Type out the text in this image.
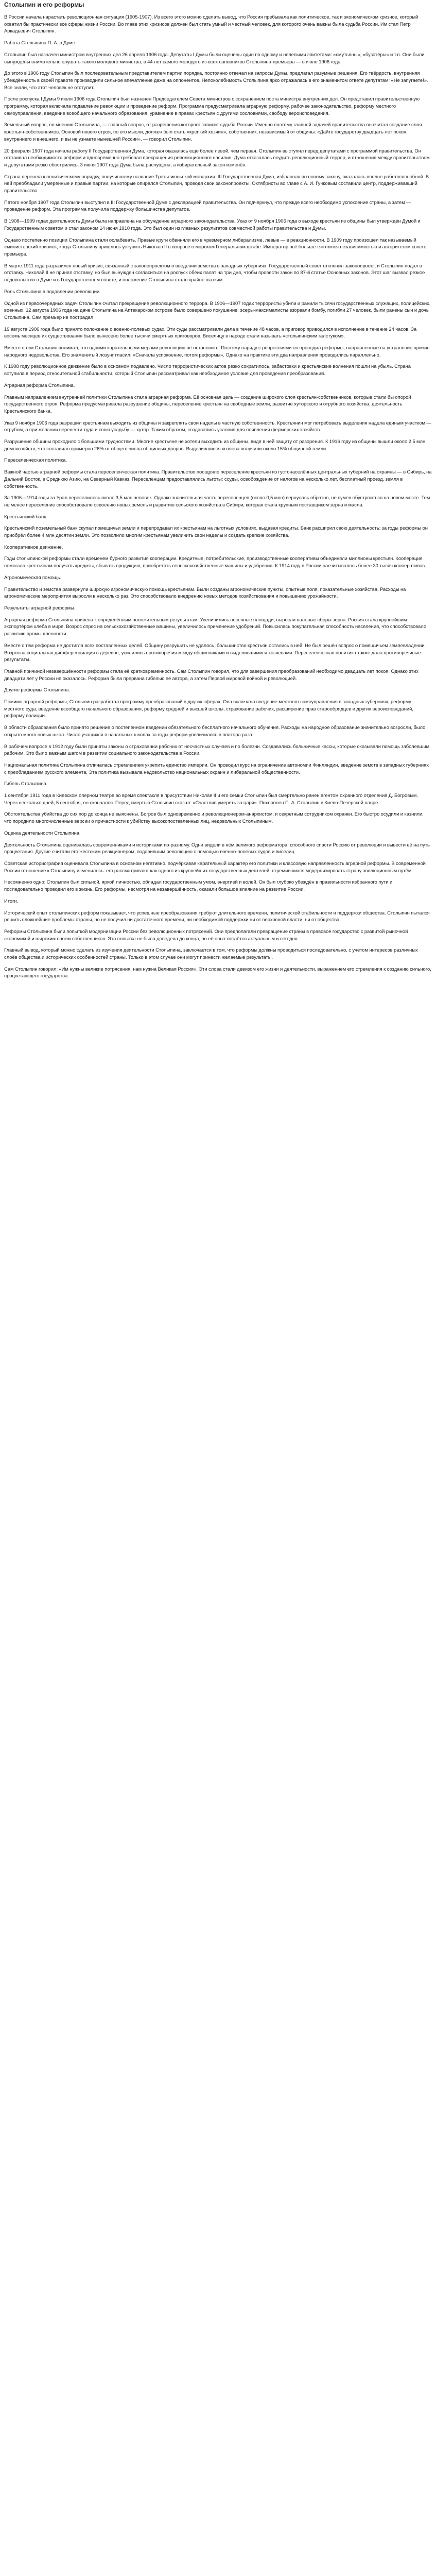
Столыпин и его реформы

В России начала нарастать революционная ситуация (1905-1907). Из всего этого можно сделать вывод, что Россия пребывала как политическое, так и экономическом кризисе, который охватил бы практически все сферы жизни России. Во главе этих кризисов должен был стать умный и честный человек, для которого очень важны была судьба России. Им стал Петр Аркадьевич Столыпин.

Работа Столыпина П. А. в Думе.

Столыпин был назначен министром внутренних дел 26 апреля 1906 года. Депутаты I Думы были оценены один по одному и нелепыми эпитетами: «смутьяны», «бузотёры» и т.п. Они были вынуждены внимательно слушать такого молодого министра, в 44 лет самого молодого из всех сановников Столыпина-премьера — в июле 1906 года.

До этого в 1906 году Столыпин был последовательным представителем партии порядка, постоянно отвечал на запросы Думы, предлагал разумные решения. Его твёрдость, внутренняя убеждённость в своей правоте производили сильное впечатление даже на оппонентов. Непоколебимость Столыпина ярко отражалась в его знаменитом ответе депутатам: «Не запугаете!». Все знали, что этот человек не отступит.

После роспуска I Думы 9 июля 1906 года Столыпин был назначен Председателем Совета министров с сохранением поста министра внутренних дел. Он представил правительственную программу, которая включала подавление революции и проведение реформ. Программа предусматривала аграрную реформу, рабочее законодательство, реформу местного самоуправления, введение всеобщего начального образования, уравнение в правах крестьян с другими сословиями, свободу вероисповедания.

Земельный вопрос, по мнению Столыпина, — главный вопрос, от разрешения которого зависит судьба России. Именно поэтому главной задачей правительства он считал создание слоя крестьян-собственников. Основой нового строя, по его мысли, должен был стать «крепкий хозяин», собственник, независимый от общины. «Дайте государству двадцать лет покоя, внутреннего и внешнего, и вы не узнаете нынешней России», — говорил Столыпин.

20 февраля 1907 года начала работу II Государственная Дума, которая оказалась ещё более левой, чем первая. Столыпин выступил перед депутатами с программой правительства. Он отстаивал необходимость реформ и одновременно требовал прекращения революционного насилия. Дума отказалась осудить революционный террор, и отношения между правительством и депутатами резко обострились. 3 июня 1907 года Дума была распущена, а избирательный закон изменён.

Страна перешла к политическому порядку, получившему название Третьеиюньской монархии. III Государственная Дума, избранная по новому закону, оказалась вполне работоспособной. В ней преобладали умеренные и правые партии, на которые опирался Столыпин, проводя свои законопроекты. Октябристы во главе с А. И. Гучковым составили центр, поддерживавший правительство.

Пятого ноября 1907 года Столыпин выступил в III Государственной Думе с декларацией правительства. Он подчеркнул, что прежде всего необходимо успокоение страны, а затем — проведение реформ. Эта программа получила поддержку большинства депутатов.

В 1908—1909 годах деятельность Думы была направлена на обсуждение аграрного законодательства. Указ от 9 ноября 1906 года о выходе крестьян из общины был утверждён Думой и Государственным советом и стал законом 14 июня 1910 года. Это был один из главных результатов совместной работы правительства и Думы.

Однако постепенно позиции Столыпина стали ослабевать. Правые круги обвиняли его в чрезмерном либерализме, левые — в реакционности. В 1909 году произошёл так называемый «министерский кризис», когда Столыпину пришлось уступить Николаю II в вопросе о морском Генеральном штабе. Император всё больше тяготился независимостью и авторитетом своего премьера.

В марте 1911 года разразился новый кризис, связанный с законопроектом о введении земства в западных губерниях. Государственный совет отклонил законопроект, и Столыпин подал в отставку. Николай II не принял отставку, но был вынужден согласиться на роспуск обеих палат на три дня, чтобы провести закон по 87-й статье Основных законов. Этот шаг вызвал резкое недовольство в Думе и в Государственном совете, и положение Столыпина стало крайне шатким.

Роль Столыпина в подавлении революции.

Одной из первоочередных задач Столыпин считал прекращение революционного террора. В 1906—1907 годах террористы убили и ранили тысячи государственных служащих, полицейских, военных. 12 августа 1906 года на даче Столыпина на Аптекарском острове было совершено покушение: эсеры-максималисты взорвали бомбу, погибли 27 человек, были ранены сын и дочь Столыпина. Сам премьер не пострадал.

19 августа 1906 года было принято положение о военно-полевых судах. Эти суды рассматривали дела в течение 48 часов, а приговор приводился в исполнение в течение 24 часов. За восемь месяцев их существования было вынесено более тысячи смертных приговоров. Виселицу в народе стали называть «столыпинским галстуком».

Вместе с тем Столыпин понимал, что одними карательными мерами революцию не остановить. Поэтому наряду с репрессиями он проводил реформы, направленные на устранение причин народного недовольства. Его знаменитый лозунг гласил: «Сначала успокоение, потом реформы». Однако на практике эти два направления проводились параллельно.

К 1908 году революционное движение было в основном подавлено. Число террористических актов резко сократилось, забастовки и крестьянские волнения пошли на убыль. Страна вступила в период относительной стабильности, который Столыпин рассматривал как необходимое условие для проведения преобразований.

Аграрная реформа Столыпина.

Главным направлением внутренней политики Столыпина стала аграрная реформа. Её основная цель — создание широкого слоя крестьян-собственников, которые стали бы опорой государственного строя. Реформа предусматривала разрушение общины, переселение крестьян на свободные земли, развитие хуторского и отрубного хозяйства, деятельность Крестьянского банка.

Указ 9 ноября 1906 года разрешил крестьянам выходить из общины и закреплять свои наделы в частную собственность. Крестьянин мог потребовать выделения надела единым участком — отрубом, а при желании перенести туда и свою усадьбу — хутор. Таким образом, создавались условия для появления фермерских хозяйств.

Разрушение общины проходило с большими трудностями. Многие крестьяне не хотели выходить из общины, видя в ней защиту от разорения. К 1916 году из общины вышли около 2,5 млн домохозяйств, что составило примерно 26% от общего числа общинных дворов. Выделившиеся хозяева получили около 15% общинной земли.

Переселенческая политика.

Важной частью аграрной реформы стала переселенческая политика. Правительство поощряло переселение крестьян из густонаселённых центральных губерний на окраины — в Сибирь, на Дальний Восток, в Среднюю Азию, на Северный Кавказ. Переселенцам предоставлялись льготы: ссуды, освобождение от налогов на несколько лет, бесплатный проезд, земля в собственность.

За 1906—1914 годы за Урал переселилось около 3,5 млн человек. Однако значительная часть переселенцев (около 0,5 млн) вернулась обратно, не сумев обустроиться на новом месте. Тем не менее переселение способствовало освоению новых земель и развитию сельского хозяйства в Сибири, которая стала крупным поставщиком зерна и масла.

Крестьянский банк.

Крестьянский поземельный банк скупал помещичьи земли и перепродавал их крестьянам на льготных условиях, выдавая кредиты. Банк расширил свою деятельность: за годы реформы он приобрёл более 4 млн десятин земли. Это позволило многим крестьянам увеличить свои наделы и создать крепкие хозяйства.

Кооперативное движение.

Годы столыпинской реформы стали временем бурного развития кооперации. Кредитные, потребительские, производственные кооперативы объединяли миллионы крестьян. Кооперация помогала крестьянам получать кредиты, сбывать продукцию, приобретать сельскохозяйственные машины и удобрения. К 1914 году в России насчитывалось более 30 тысяч кооперативов.

Агрономическая помощь.

Правительство и земства развернули широкую агрономическую помощь крестьянам. Были созданы агрономические пункты, опытные поля, показательные хозяйства. Расходы на агрономические мероприятия выросли в несколько раз. Это способствовало внедрению новых методов хозяйствования и повышению урожайности.

Результаты аграрной реформы.

Аграрная реформа Столыпина привела к определённым положительным результатам. Увеличились посевные площади, выросли валовые сборы зерна. Россия стала крупнейшим экспортёром хлеба в мире. Возрос спрос на сельскохозяйственные машины, увеличилось применение удобрений. Повысилась покупательная способность населения, что способствовало развитию промышленности.

Вместе с тем реформа не достигла всех поставленных целей. Общину разрушить не удалось, большинство крестьян остались в ней. Не был решён вопрос о помещичьем землевладении. Возросла социальная дифференциация в деревне, усилились противоречия между общинниками и выделившимися хозяевами. Переселенческая политика также дала противоречивые результаты.

Главной причиной незавершённости реформы стала её кратковременность. Сам Столыпин говорил, что для завершения преобразований необходимо двадцать лет покоя. Однако этих двадцати лет у России не оказалось. Реформа была прервана гибелью её автора, а затем Первой мировой войной и революцией.

Другие реформы Столыпина.

Помимо аграрной реформы, Столыпин разработал программу преобразований в других сферах. Она включала введение местного самоуправления в западных губерниях, реформу местного суда, введение всеобщего начального образования, реформу средней и высшей школы, страхование рабочих, расширение прав старообрядцев и других вероисповеданий, реформу полиции.

В области образования было принято решение о постепенном введении обязательного бесплатного начального обучения. Расходы на народное образование значительно возросли, было открыто много новых школ. Число учащихся в начальных школах за годы реформ увеличилось в полтора раза.

В рабочем вопросе в 1912 году были приняты законы о страховании рабочих от несчастных случаев и по болезни. Создавались больничные кассы, которые оказывали помощь заболевшим рабочим. Это было важным шагом в развитии социального законодательства в России.

Национальная политика Столыпина отличалась стремлением укрепить единство империи. Он проводил курс на ограничение автономии Финляндии, введение земств в западных губерниях с преобладанием русского элемента. Эта политика вызывала недовольство национальных окраин и либеральной общественности.

Гибель Столыпина.

1 сентября 1911 года в Киевском оперном театре во время спектакля в присутствии Николая II и его семьи Столыпин был смертельно ранен агентом охранного отделения Д. Богровым. Через несколько дней, 5 сентября, он скончался. Перед смертью Столыпин сказал: «Счастлив умереть за царя». Похоронен П. А. Столыпин в Киево-Печерской лавре.

Обстоятельства убийства до сих пор до конца не выяснены. Богров был одновременно и революционером-анархистом, и секретным сотрудником охранки. Его быстро осудили и казнили, что породило многочисленные версии о причастности к убийству высокопоставленных лиц, недовольных Столыпиным.

Оценка деятельности Столыпина.

Деятельность Столыпина оценивалась современниками и историками по-разному. Одни видели в нём великого реформатора, способного спасти Россию от революции и вывести её на путь процветания. Другие считали его жестоким реакционером, подавившим революцию с помощью военно-полевых судов и виселиц.

Советская историография оценивала Столыпина в основном негативно, подчёркивая карательный характер его политики и классовую направленность аграрной реформы. В современной России отношение к Столыпину изменилось: его рассматривают как одного из крупнейших государственных деятелей, стремившихся модернизировать страну эволюционным путём.

Несомненно одно: Столыпин был сильной, яркой личностью, обладал государственным умом, энергией и волей. Он был глубоко убеждён в правильности избранного пути и последовательно проводил его в жизнь. Его реформы, несмотря на незавершённость, оказали большое влияние на развитие России.

Итоги.

Исторический опыт столыпинских реформ показывает, что успешные преобразования требуют длительного времени, политической стабильности и поддержки общества. Столыпин пытался решить сложнейшие проблемы страны, но не получил ни достаточного времени, ни необходимой поддержки ни от верховной власти, ни от общества.

Реформы Столыпина были попыткой модернизации России без революционных потрясений. Они предполагали превращение страны в правовое государство с развитой рыночной экономикой и широким слоем собственников. Эта попытка не была доведена до конца, но её опыт остаётся актуальным и сегодня.

Главный вывод, который можно сделать из изучения деятельности Столыпина, заключается в том, что реформы должны проводиться последовательно, с учётом интересов различных слоёв общества и исторических особенностей страны. Только в этом случае они могут принести желаемые результаты.

Сам Столыпин говорил: «Им нужны великие потрясения, нам нужна Великая Россия». Эти слова стали девизом его жизни и деятельности, выражением его стремления к созданию сильного, процветающего государства.
